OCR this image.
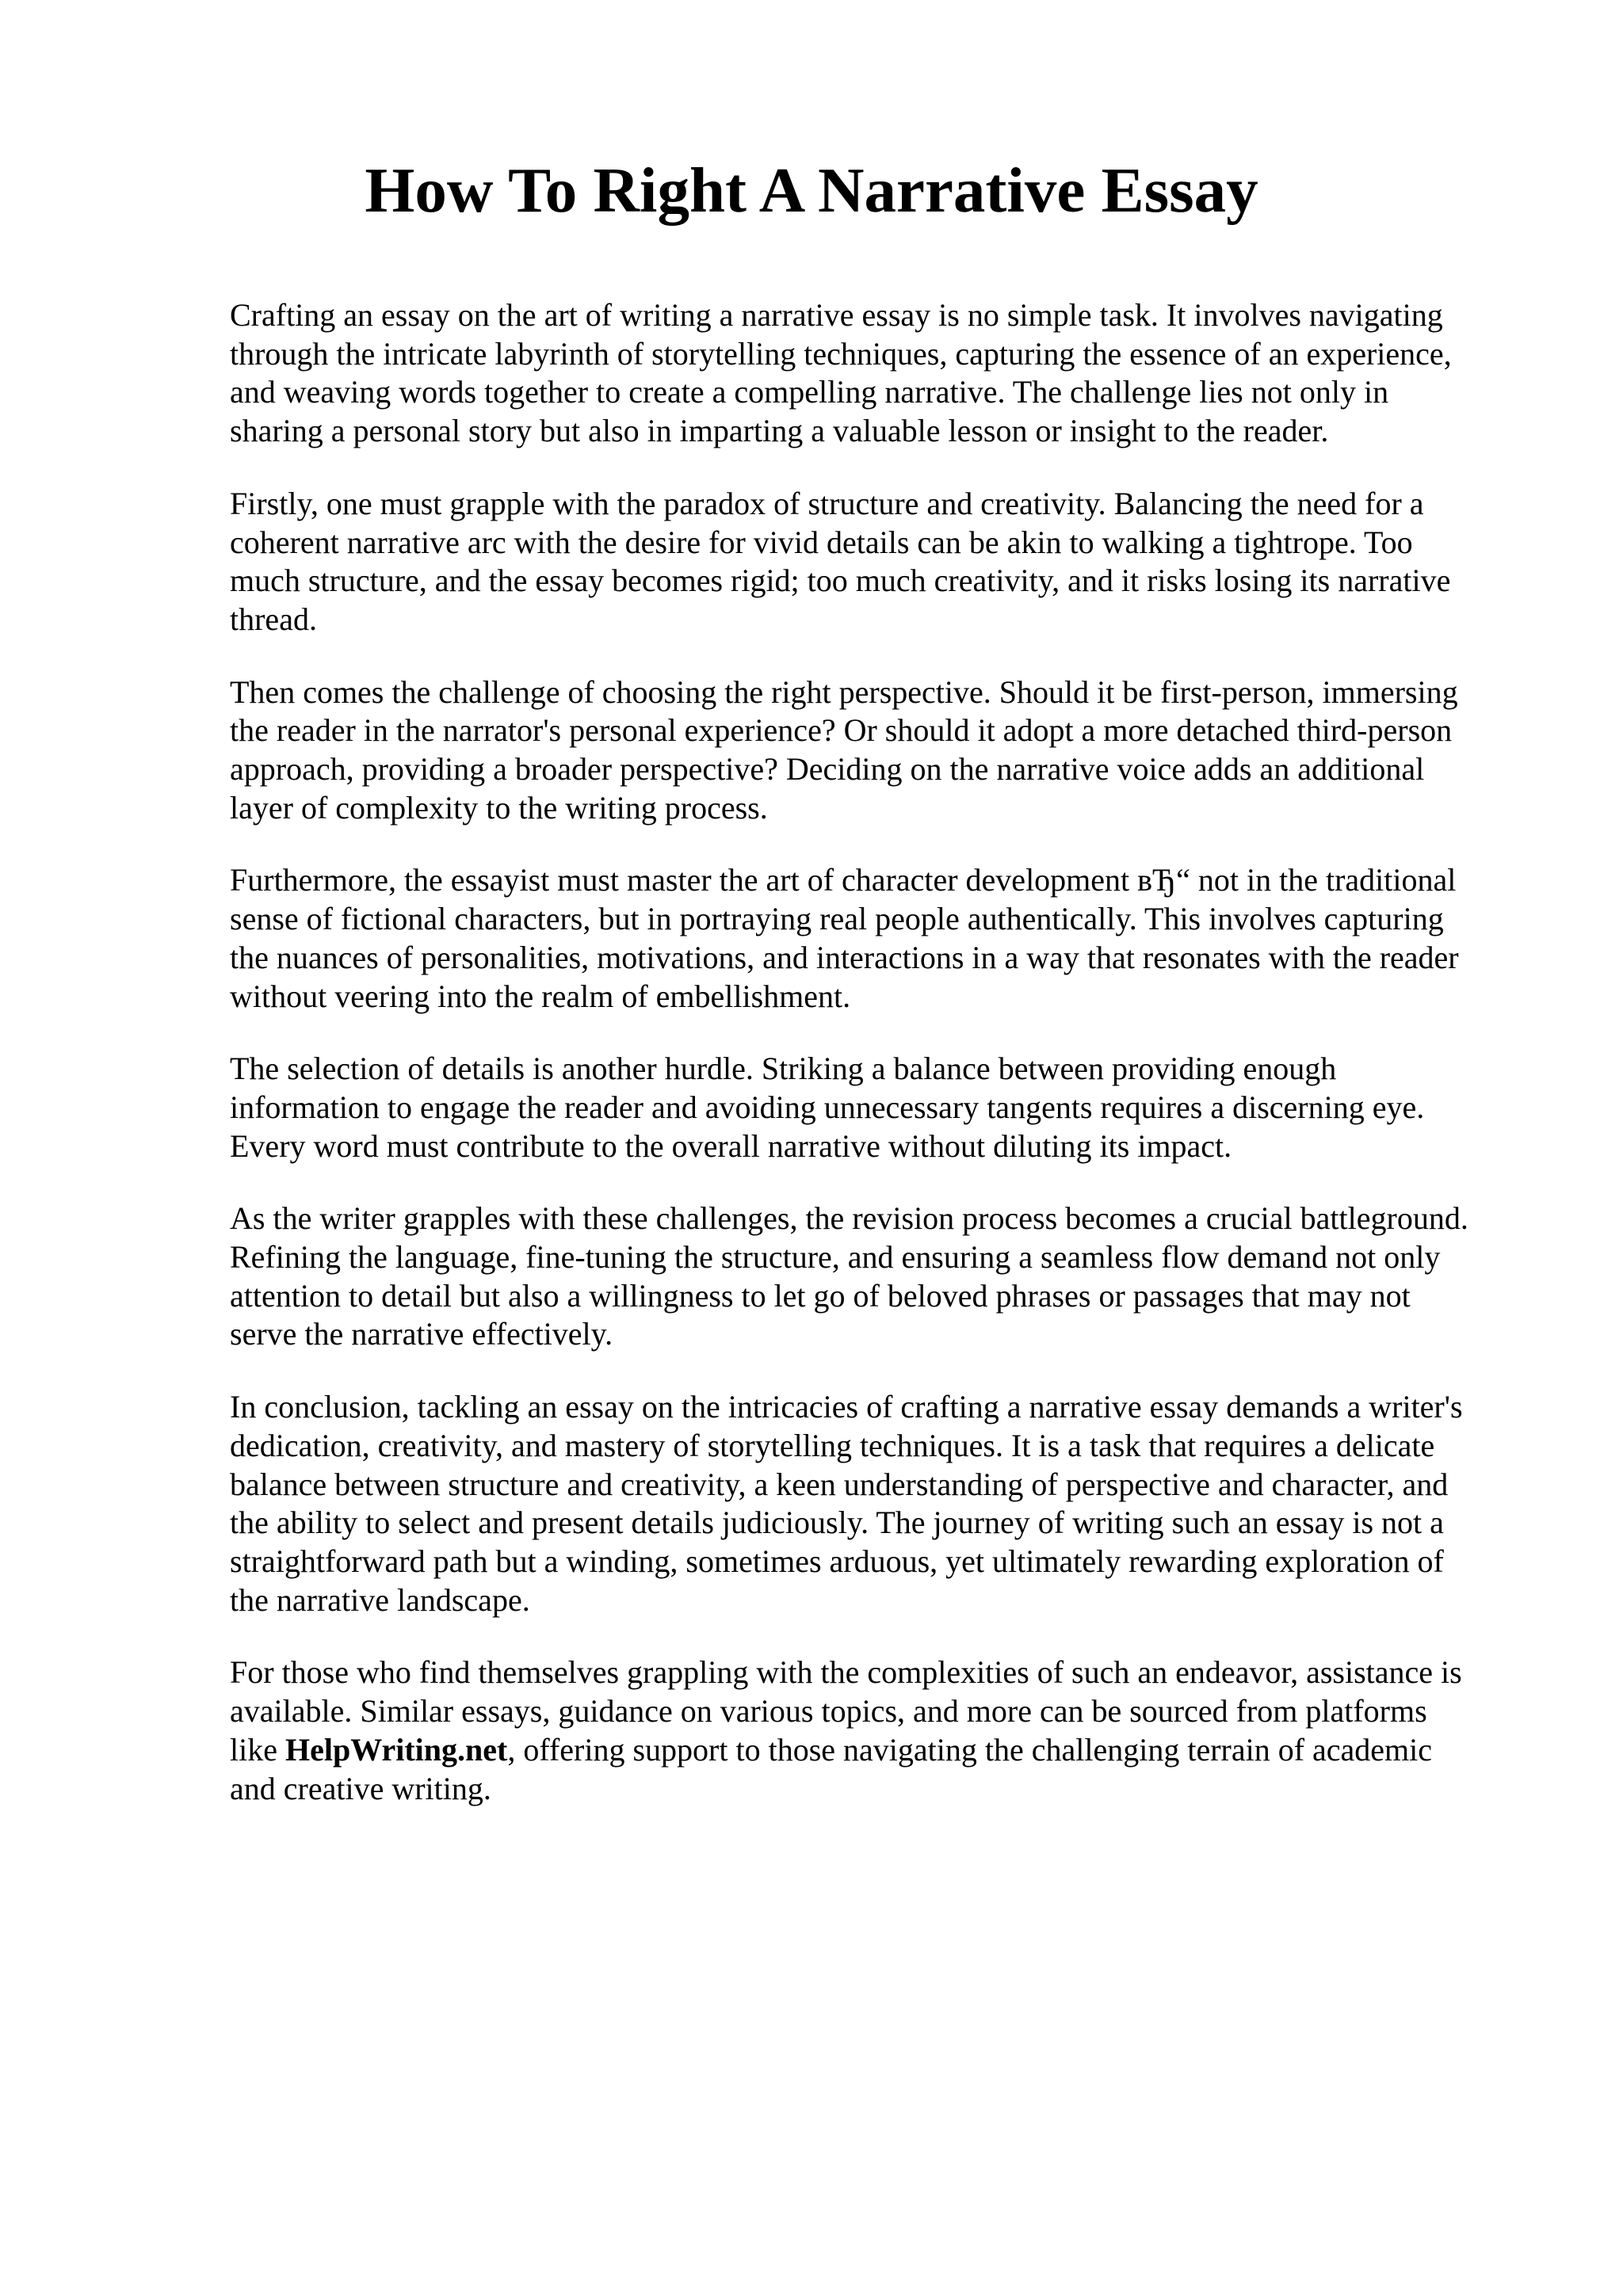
How To Right A Narrative Essay

Crafting an essay on the art of writing a narrative essay is no simple task. It involves navigating
through the intricate labyrinth of storytelling techniques, capturing the essence of an experience,
and weaving words together to create a compelling narrative. The challenge lies not only in
sharing a personal story but also in imparting a valuable lesson or insight to the reader.

Firstly, one must grapple with the paradox of structure and creativity. Balancing the need for a
coherent narrative arc with the desire for vivid details can be akin to walking a tightrope. Too
much structure, and the essay becomes rigid; too much creativity, and it risks losing its narrative
thread.

Then comes the challenge of choosing the right perspective. Should it be first-person, immersing
the reader in the narrator's personal experience? Or should it adopt a more detached third-person
approach, providing a broader perspective? Deciding on the narrative voice adds an additional
layer of complexity to the writing process.

Furthermore, the essayist must master the art of character development вЂ“ not in the traditional
sense of fictional characters, but in portraying real people authentically. This involves capturing
the nuances of personalities, motivations, and interactions in a way that resonates with the reader
without veering into the realm of embellishment.

The selection of details is another hurdle. Striking a balance between providing enough
information to engage the reader and avoiding unnecessary tangents requires a discerning eye.
Every word must contribute to the overall narrative without diluting its impact.

As the writer grapples with these challenges, the revision process becomes a crucial battleground.
Refining the language, fine-tuning the structure, and ensuring a seamless flow demand not only
attention to detail but also a willingness to let go of beloved phrases or passages that may not
serve the narrative effectively.

In conclusion, tackling an essay on the intricacies of crafting a narrative essay demands a writer's
dedication, creativity, and mastery of storytelling techniques. It is a task that requires a delicate
balance between structure and creativity, a keen understanding of perspective and character, and
the ability to select and present details judiciously. The journey of writing such an essay is not a
straightforward path but a winding, sometimes arduous, yet ultimately rewarding exploration of
the narrative landscape.

For those who find themselves grappling with the complexities of such an endeavor, assistance is
available. Similar essays, guidance on various topics, and more can be sourced from platforms
like HelpWriting.net, offering support to those navigating the challenging terrain of academic
and creative writing.
